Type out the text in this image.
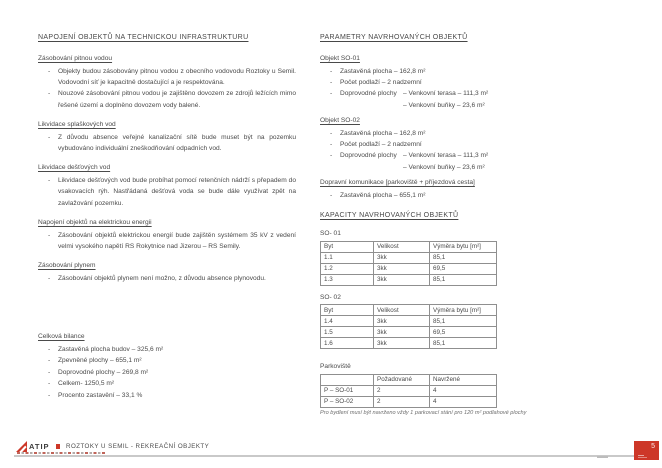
NAPOJENÍ OBJEKTŮ NA TECHNICKOU INFRASTRUKTURU
Zásobování pitnou vodou
-	Objekty budou zásobovány pitnou vodou z obecního vodovodu Roztoky u Semil. Vodovodní síť je kapacitně dostačující a je respektována.

-	Nouzové zásobování pitnou vodou je zajištěno dovozem ze zdrojů ležících mimo řešené území a doplněno dovozem vody balené.

Likvidace splaškových vod
-	Z důvodu absence veřejné kanalizační sítě bude muset být na pozemku vybudováno individuální zneškodňování odpadních vod.

Likvidace dešťových vod
-	Likvidace dešťových vod bude probíhat pomocí retenčních nádrží s přepadem do vsakovacích rýh. Nastřádaná dešťová voda se bude dále využívat zpět na zavlažování pozemku.

Napojení objektů na elektrickou energii
-	Zásobování objektů elektrickou energií bude zajištěn systémem 35 kV z vedení velmi vysokého napětí RS Rokytnice nad Jizerou – RS Semily.

Zásobování plynem
-	Zásobování objektů plynem není možno, z důvodu absence plynovodu.

Celková bilance
-	Zastavěná plocha budov – 325,6 m²

-	Zpevněné plochy – 655,1 m²

-	Doprovodné plochy – 269,8 m²

-	Celkem- 1250,5 m²

-	Procento zastavění – 33,1 %

PARAMETRY NAVRHOVANÝCH OBJEKTŮ
Objekt SO-01
-	Zastavěná plocha – 162,8 m²

-	Počet podlaží – 2 nadzemní

-	Doprovodné plochy – Venkovní terasa – 111,3 m²
– Venkovní buňky – 23,6 m²
Objekt SO-02
-	Zastavěná plocha – 162,8 m²

-	Počet podlaží – 2 nadzemní

-	Doprovodné plochy – Venkovní terasa – 111,3 m²
– Venkovní buňky – 23,6 m²
Dopravní komunikace [parkoviště + příjezdová cesta]
-	Zastavěná plocha – 655,1 m²

KAPACITY NAVRHOVANÝCH OBJEKTŮ
SO- 01
Byt	Velikost	Výměra bytu [m²]
1.1	3kk	85,1
1.2	3kk	69,5
1.3	3kk	85,1
SO- 02
Byt	Velikost	Výměra bytu [m²]
1.4	3kk	85,1
1.5	3kk	69,5
1.6	3kk	85,1
Parkoviště
	Požadované	Navržené
P – SO-01	2	4
P – SO-02	2	4
Pro bydlení musí být navrženo vždy 1 parkovací stání pro 120 m² podlahové plochy
ATIP	ROZTOKY U SEMIL - REKREAČNÍ OBJEKTY	5
